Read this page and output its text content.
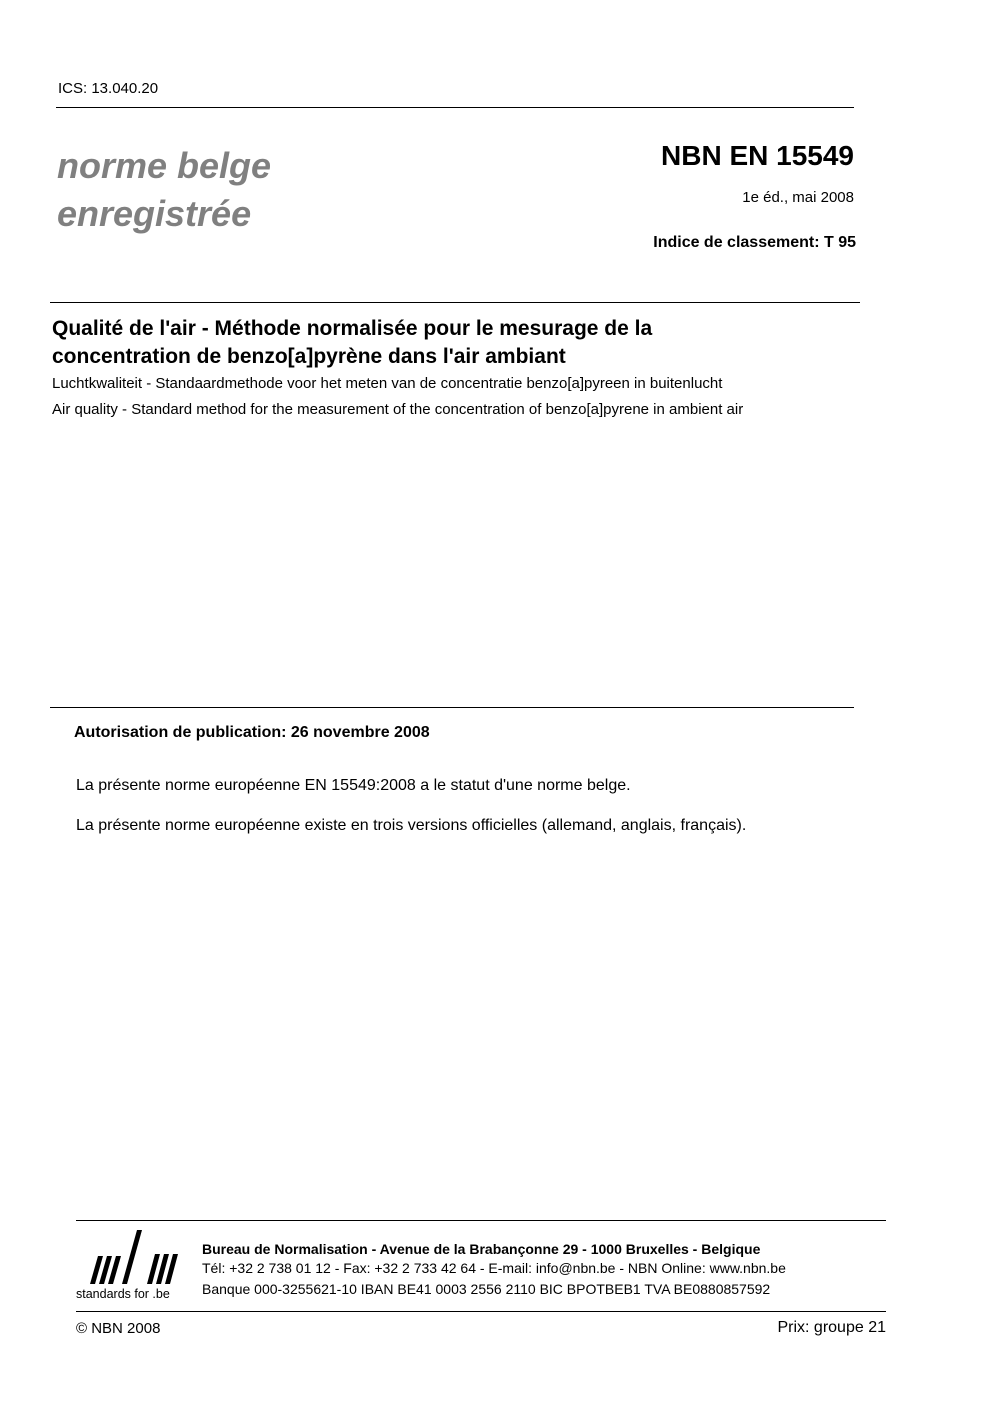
ICS: 13.040.20
norme belge
enregistrée
NBN EN 15549
1e éd., mai 2008
Indice de classement: T 95
Qualité de l'air - Méthode normalisée pour le mesurage de la
concentration de benzo[a]pyrène dans l'air ambiant
Luchtkwaliteit - Standaardmethode voor het meten van de concentratie benzo[a]pyreen in buitenlucht
Air quality - Standard method for the measurement of the concentration of benzo[a]pyrene in ambient air
Autorisation de publication: 26 novembre 2008
La présente norme européenne EN 15549:2008 a le statut d'une norme belge.
La présente norme européenne existe en trois versions officielles (allemand, anglais, français).
standards for .be
Bureau de Normalisation - Avenue de la Brabançonne 29 - 1000 Bruxelles - Belgique
Tél: +32 2 738 01 12 - Fax: +32 2 733 42 64 - E-mail: info@nbn.be - NBN Online: www.nbn.be
Banque 000-3255621-10 IBAN BE41 0003 2556 2110 BIC BPOTBEB1 TVA BE0880857592
© NBN 2008	Prix: groupe 21
